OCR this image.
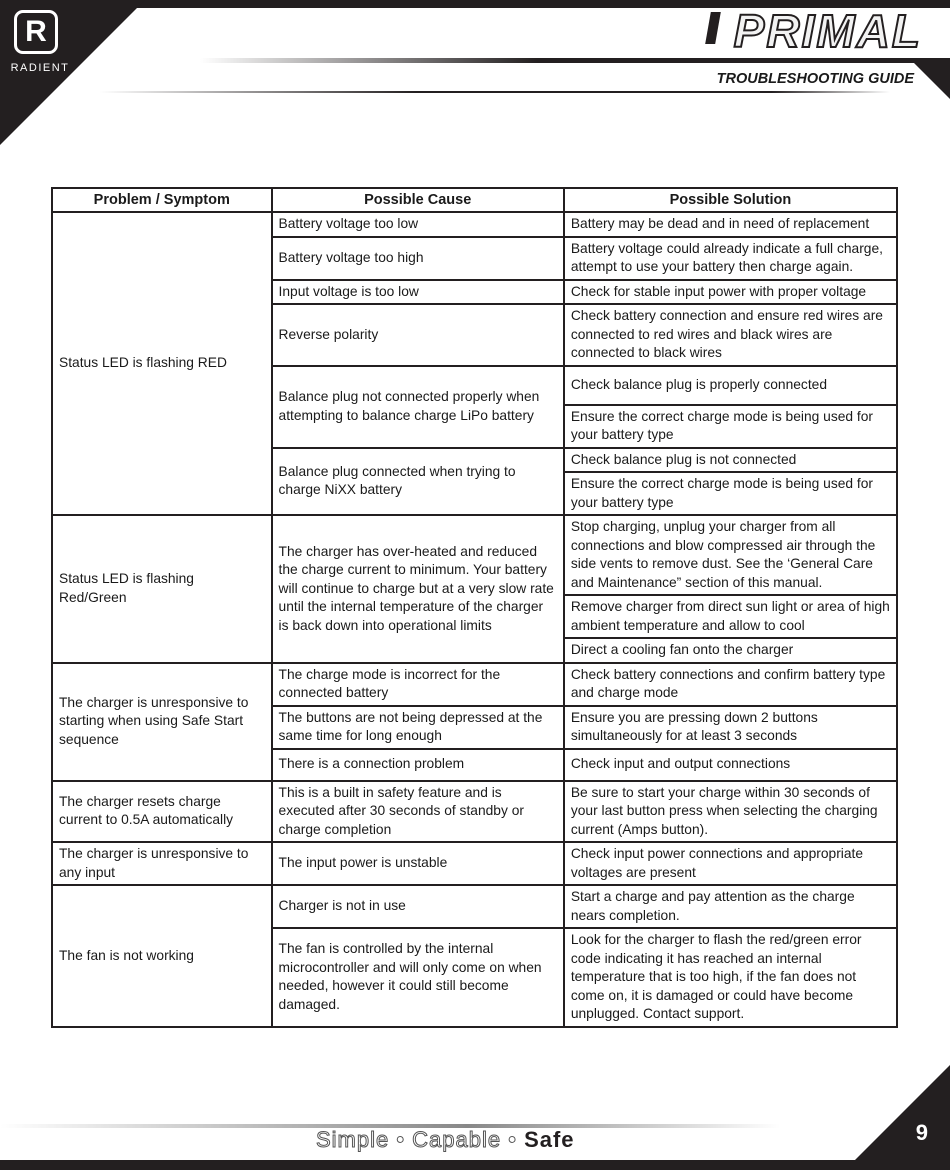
R
RADIENT
PRIMAL
TROUBLESHOOTING GUIDE
Problem / Symptom	Possible Cause	Possible Solution
Status LED is flashing RED	Battery voltage too low	Battery may be dead and in need of replacement
	Battery voltage too high	Battery voltage could already indicate a full charge, attempt to use your battery then charge again.
	Input voltage is too low	Check for stable input power with proper voltage
	Reverse polarity	Check battery connection and ensure red wires are connected to red wires and black wires are connected to black wires
	Balance plug not connected properly when attempting to balance charge LiPo battery	Check balance plug is properly connected
		Ensure the correct charge mode is being used for your battery type
	Balance plug connected when trying to charge NiXX battery	Check balance plug is not connected
		Ensure the correct charge mode is being used for your battery type
Status LED is flashing Red/Green	The charger has over-heated and reduced the charge current to minimum. Your battery will continue to charge but at a very slow rate until the internal temperature of the charger is back down into operational limits	Stop charging, unplug your charger from all connections and blow compressed air through the side vents to remove dust. See the ‘General Care and Maintenance” section of this manual.
		Remove charger from direct sun light or area of high ambient temperature and allow to cool
		Direct a cooling fan onto the charger
The charger is unresponsive to starting when using Safe Start sequence	The charge mode is incorrect for the connected battery	Check battery connections and confirm battery type and charge mode
	The buttons are not being depressed at the same time for long enough	Ensure you are pressing down 2 buttons simultaneously for at least 3 seconds
	There is a connection problem	Check input and output connections
The charger resets charge current to 0.5A automatically	This is a built in safety feature and is executed after 30 seconds of standby or charge completion	Be sure to start your charge within 30 seconds of your last button press when selecting the charging current (Amps button).
The charger is unresponsive to any input	The input power is unstable	Check input power connections and appropriate voltages are present
The fan is not working	Charger is not in use	Start a charge and pay attention as the charge nears completion.
	The fan is controlled by the internal microcontroller and will only come on when needed, however it could still become damaged.	Look for the charger to flash the red/green error code indicating it has reached an internal temperature that is too high, if the fan does not come on, it is damaged or could have become unplugged. Contact support.
Simple • Capable • Safe	9
